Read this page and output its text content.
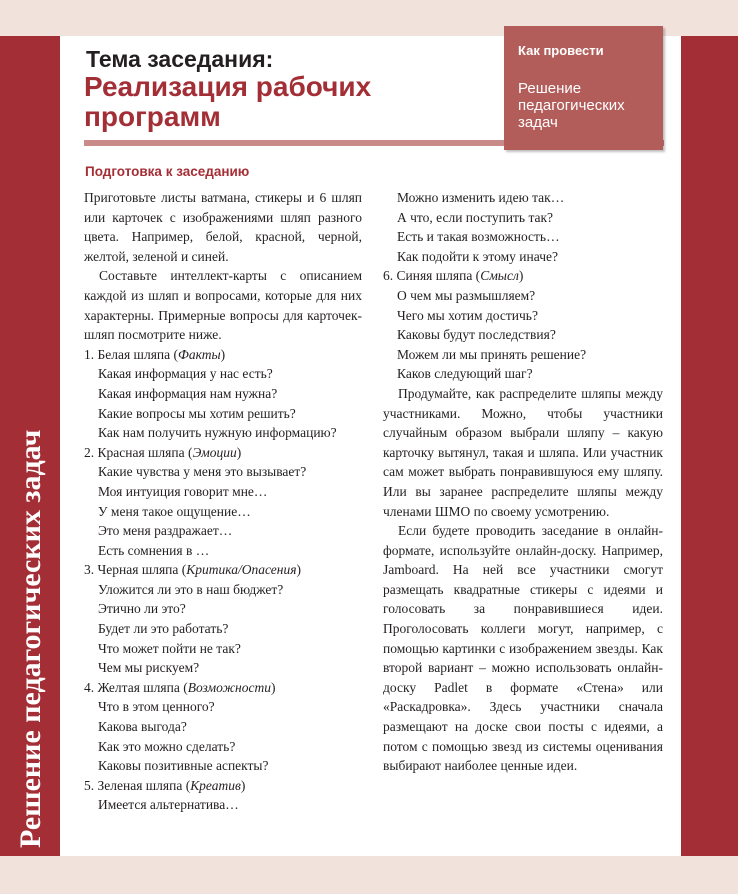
Решение педагогических задач
Тема заседания:
Реализация рабочих программ
Как провести
Решение педагогических задач
Подготовка к заседанию

Приготовьте листы ватмана, стикеры и 6 шляп или карточек с изображениями шляп разного цвета. Например, белой, красной, черной, желтой, зеленой и синей.

Составьте интеллект-карты с описанием каждой из шляп и вопросами, которые для них характерны. Примерные вопросы для карточек-шляп посмотрите ниже.

1. Белая шляпа (Факты)

Какая информация у нас есть?

Какая информация нам нужна?

Какие вопросы мы хотим решить?

Как нам получить нужную информацию?

2. Красная шляпа (Эмоции)

Какие чувства у меня это вызывает?

Моя интуиция говорит мне…

У меня такое ощущение…

Это меня раздражает…

Есть сомнения в …

3. Черная шляпа (Критика/Опасения)

Уложится ли это в наш бюджет?

Этично ли это?

Будет ли это работать?

Что может пойти не так?

Чем мы рискуем?

4. Желтая шляпа (Возможности)

Что в этом ценного?

Какова выгода?

Как это можно сделать?

Каковы позитивные аспекты?

5. Зеленая шляпа (Креатив)

Имеется альтернатива…

Можно изменить идею так…

А что, если поступить так?

Есть и такая возможность…

Как подойти к этому иначе?

6. Синяя шляпа (Смысл)

О чем мы размышляем?

Чего мы хотим достичь?

Каковы будут последствия?

Можем ли мы принять решение?

Каков следующий шаг?

Продумайте, как распределите шляпы между участниками. Можно, чтобы участники случайным образом выбрали шляпу – какую карточку вытянул, такая и шляпа. Или участник сам может выбрать понравившуюся ему шляпу. Или вы заранее распределите шляпы между членами ШМО по своему усмотрению.

Если будете проводить заседание в онлайн-формате, используйте онлайн-доску. Например, Jamboard. На ней все участники смогут размещать квадратные стикеры с идеями и голосовать за понравившиеся идеи. Проголосовать коллеги могут, например, с помощью картинки с изображением звезды. Как второй вариант – можно использовать онлайн-доску Padlet в формате «Стена» или «Раскадровка». Здесь участники сначала размещают на доске свои посты с идеями, а потом с помощью звезд из системы оценивания выбирают наиболее ценные идеи.
